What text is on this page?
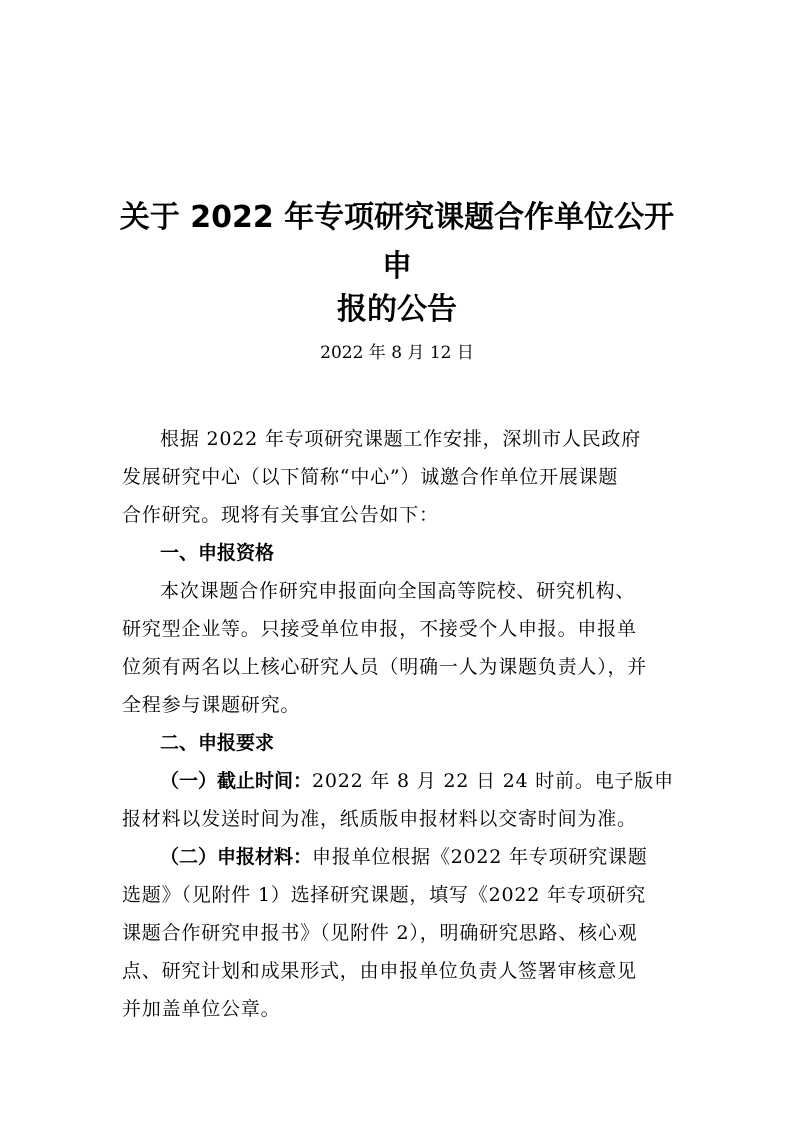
关于 2022 年专项研究课题合作单位公开
申
报的公告
2022 年 8 月 12 日
根据 2022 年专项研究课题工作安排，深圳市人民政府
发展研究中心（以下简称“中心”）诚邀合作单位开展课题
合作研究。现将有关事宜公告如下：
一、申报资格
本次课题合作研究申报面向全国高等院校、研究机构、
研究型企业等。只接受单位申报，不接受个人申报。申报单
位须有两名以上核心研究人员（明确一人为课题负责人），并
全程参与课题研究。
二、申报要求
（一）截止时间：2022 年 8 月 22 日 24 时前。电子版申
报材料以发送时间为准，纸质版申报材料以交寄时间为准。
（二）申报材料：申报单位根据《2022 年专项研究课题
选题》（见附件 1）选择研究课题，填写《2022 年专项研究
课题合作研究申报书》（见附件 2），明确研究思路、核心观
点、研究计划和成果形式，由申报单位负责人签署审核意见
并加盖单位公章。
